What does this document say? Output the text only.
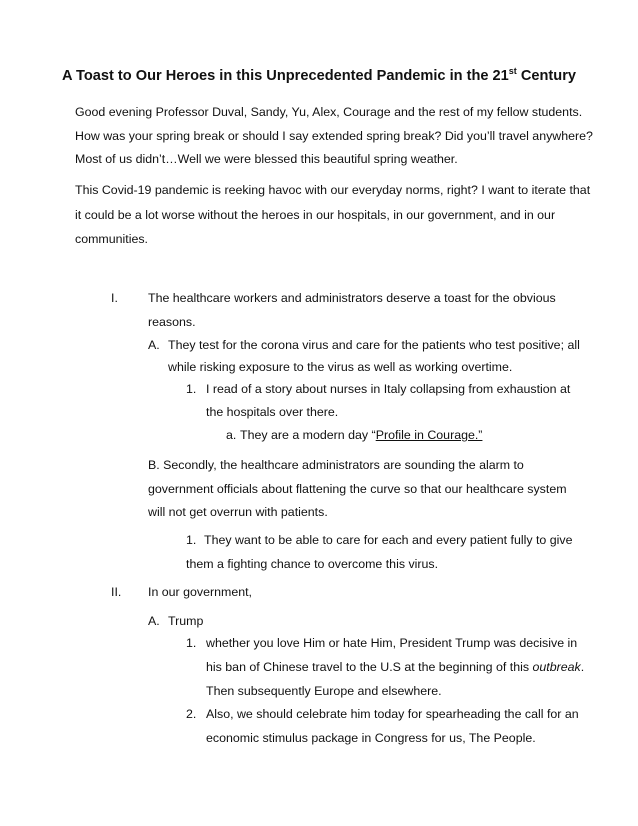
A Toast to Our Heroes in this Unprecedented Pandemic in the 21st Century
Good evening Professor Duval, Sandy, Yu, Alex, Courage and the rest of my fellow students.
How was your spring break or should I say extended spring break? Did you’ll travel anywhere?
Most of us didn’t…Well we were blessed this beautiful spring weather.
This Covid-19 pandemic is reeking havoc with our everyday norms, right? I want to iterate that
it could be a lot worse without the heroes in our hospitals, in our government, and in our
communities.
I. The healthcare workers and administrators deserve a toast for the obvious
reasons.
A. They test for the corona virus and care for the patients who test positive; all
while risking exposure to the virus as well as working overtime.
1. I read of a story about nurses in Italy collapsing from exhaustion at
the hospitals over there.
a. They are a modern day “Profile in Courage.”
B. Secondly, the healthcare administrators are sounding the alarm to
government officials about flattening the curve so that our healthcare system
will not get overrun with patients.
1. They want to be able to care for each and every patient fully to give
them a fighting chance to overcome this virus.
II. In our government,
A. Trump
1. whether you love Him or hate Him, President Trump was decisive in
his ban of Chinese travel to the U.S at the beginning of this outbreak.
Then subsequently Europe and elsewhere.
2. Also, we should celebrate him today for spearheading the call for an
economic stimulus package in Congress for us, The People.
